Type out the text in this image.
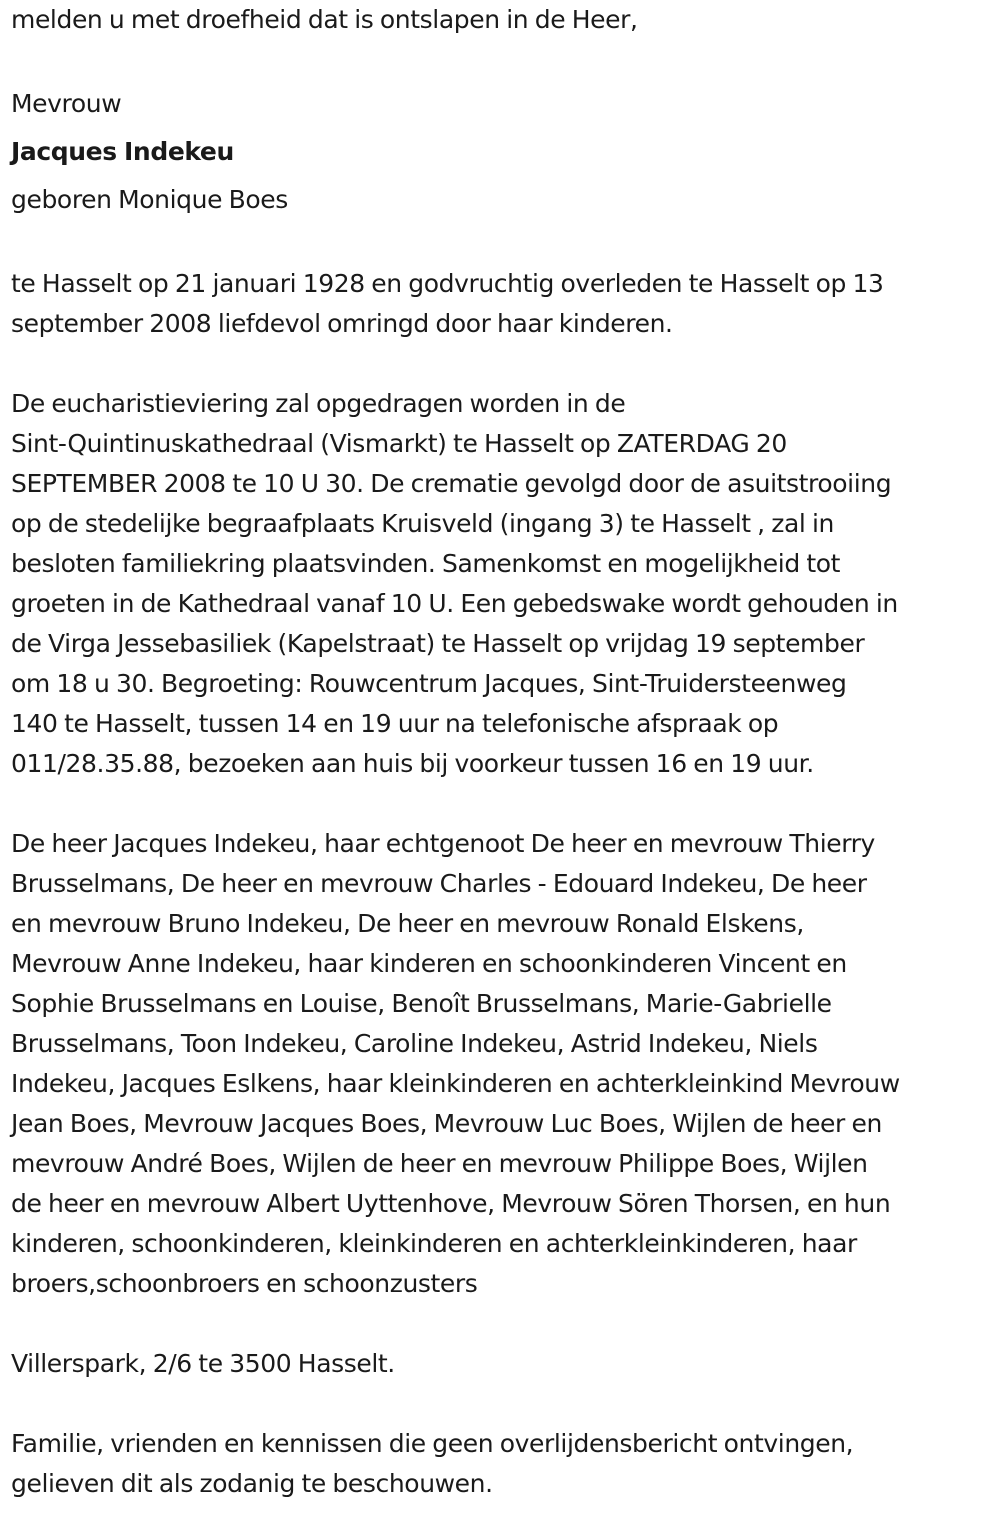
melden u met droefheid dat is ontslapen in de Heer,
Mevrouw
Jacques Indekeu
geboren Monique Boes

te Hasselt op 21 januari 1928 en godvruchtig overleden te Hasselt op 13
september 2008 liefdevol omringd door haar kinderen.

De eucharistieviering zal opgedragen worden in de
Sint-Quintinuskathedraal (Vismarkt) te Hasselt op ZATERDAG 20
SEPTEMBER 2008 te 10 U 30. De crematie gevolgd door de asuitstrooiing
op de stedelijke begraafplaats Kruisveld (ingang 3) te Hasselt , zal in
besloten familiekring plaatsvinden. Samenkomst en mogelijkheid tot
groeten in de Kathedraal vanaf 10 U. Een gebedswake wordt gehouden in
de Virga Jessebasiliek (Kapelstraat) te Hasselt op vrijdag 19 september
om 18 u 30. Begroeting: Rouwcentrum Jacques, Sint-Truidersteenweg
140 te Hasselt, tussen 14 en 19 uur na telefonische afspraak op
011/28.35.88, bezoeken aan huis bij voorkeur tussen 16 en 19 uur.

De heer Jacques Indekeu, haar echtgenoot De heer en mevrouw Thierry
Brusselmans, De heer en mevrouw Charles - Edouard Indekeu, De heer
en mevrouw Bruno Indekeu, De heer en mevrouw Ronald Elskens,
Mevrouw Anne Indekeu, haar kinderen en schoonkinderen Vincent en
Sophie Brusselmans en Louise, Benoît Brusselmans, Marie-Gabrielle
Brusselmans, Toon Indekeu, Caroline Indekeu, Astrid Indekeu, Niels
Indekeu, Jacques Eslkens, haar kleinkinderen en achterkleinkind Mevrouw
Jean Boes, Mevrouw Jacques Boes, Mevrouw Luc Boes, Wijlen de heer en
mevrouw André Boes, Wijlen de heer en mevrouw Philippe Boes, Wijlen
de heer en mevrouw Albert Uyttenhove, Mevrouw Sören Thorsen, en hun
kinderen, schoonkinderen, kleinkinderen en achterkleinkinderen, haar
broers,schoonbroers en schoonzusters

Villerspark, 2/6 te 3500 Hasselt.

Familie, vrienden en kennissen die geen overlijdensbericht ontvingen,
gelieven dit als zodanig te beschouwen.
